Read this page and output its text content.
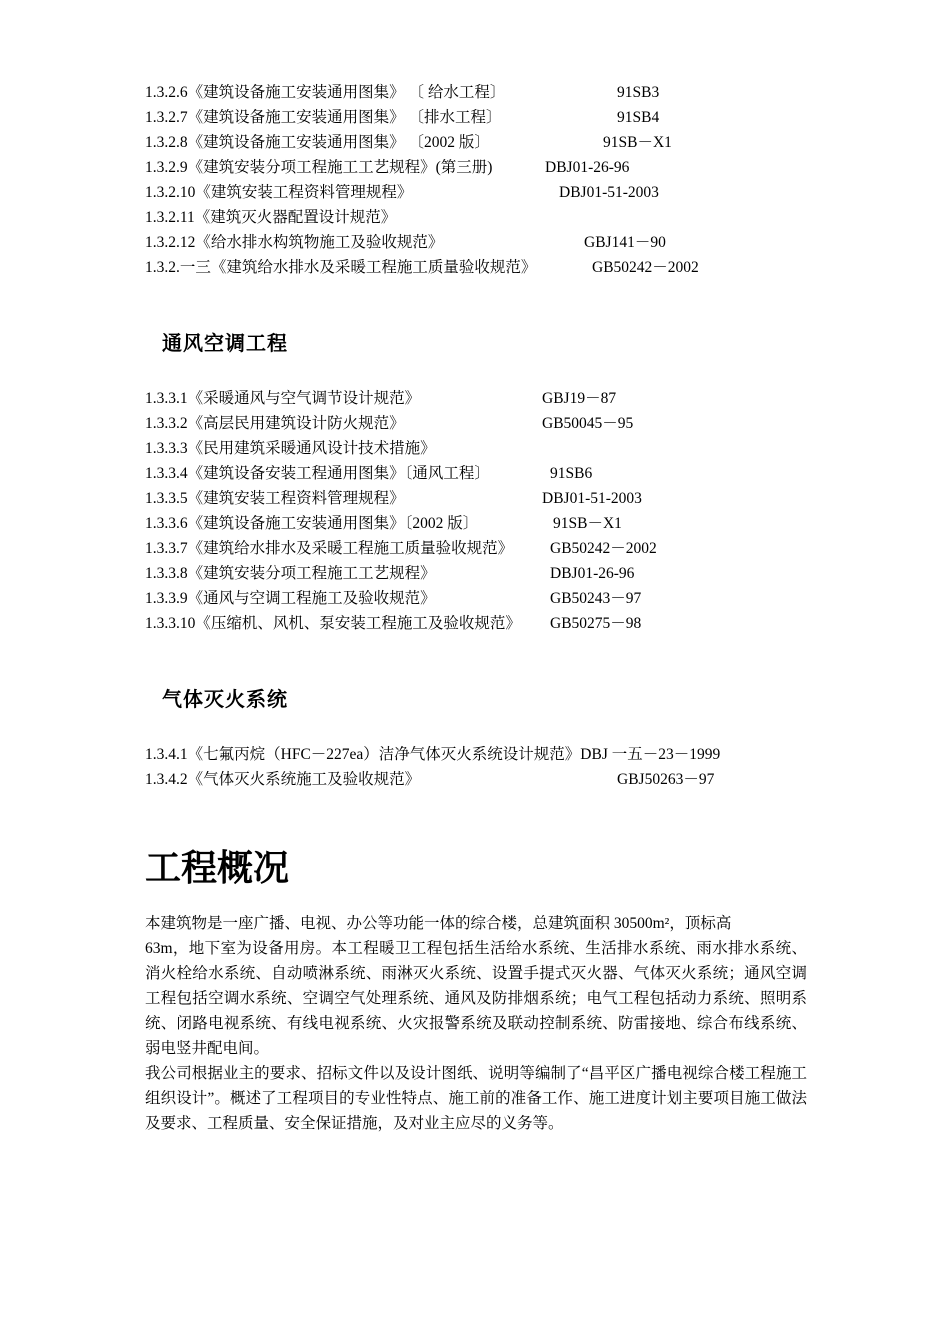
1.3.2.6《建筑设备施工安装通用图集》 〔 给水工程〕	91SB3
1.3.2.7《建筑设备施工安装通用图集》 〔排水工程〕	91SB4
1.3.2.8《建筑设备施工安装通用图集》 〔2002 版〕	91SB－X1
1.3.2.9《建筑安装分项工程施工工艺规程》(第三册)	DBJ01-26-96
1.3.2.10《建筑安装工程资料管理规程》	DBJ01-51-2003
1.3.2.11《建筑灭火器配置设计规范》
1.3.2.12《给水排水构筑物施工及验收规范》	GBJ141－90
1.3.2.一三《建筑给水排水及采暖工程施工质量验收规范》	GB50242－2002
通风空调工程
1.3.3.1《采暖通风与空气调节设计规范》	GBJ19－87
1.3.3.2《高层民用建筑设计防火规范》	GB50045－95
1.3.3.3《民用建筑采暖通风设计技术措施》
1.3.3.4《建筑设备安装工程通用图集》〔通风工程〕	91SB6
1.3.3.5《建筑安装工程资料管理规程》	DBJ01-51-2003
1.3.3.6《建筑设备施工安装通用图集》〔2002 版〕	91SB－X1
1.3.3.7《建筑给水排水及采暖工程施工质量验收规范》 GB50242－2002
1.3.3.8《建筑安装分项工程施工工艺规程》	DBJ01-26-96
1.3.3.9《通风与空调工程施工及验收规范》	GB50243－97
1.3.3.10《压缩机、风机、泵安装工程施工及验收规范》 GB50275－98
气体灭火系统
1.3.4.1《七氟丙烷（HFC－227ea）洁净气体灭火系统设计规范》DBJ 一五－23－1999
1.3.4.2《气体灭火系统施工及验收规范》	GBJ50263－97
工程概况
本建筑物是一座广播、电视、办公等功能一体的综合楼，总建筑面积 30500m²，顶标高
63m，地下室为设备用房。本工程暖卫工程包括生活给水系统、生活排水系统、雨水排水系统、消火栓给水系统、自动喷淋系统、雨淋灭火系统、设置手提式灭火器、气体灭火系统；通风空调工程包括空调水系统、空调空气处理系统、通风及防排烟系统；电气工程包括动力系统、照明系统、闭路电视系统、有线电视系统、火灾报警系统及联动控制系统、防雷接地、综合布线系统、弱电竖井配电间。
我公司根据业主的要求、招标文件以及设计图纸、说明等编制了“昌平区广播电视综合楼工程施工组织设计”。概述了工程项目的专业性特点、施工前的准备工作、施工进度计划主要项目施工做法及要求、工程质量、安全保证措施，及对业主应尽的义务等。
